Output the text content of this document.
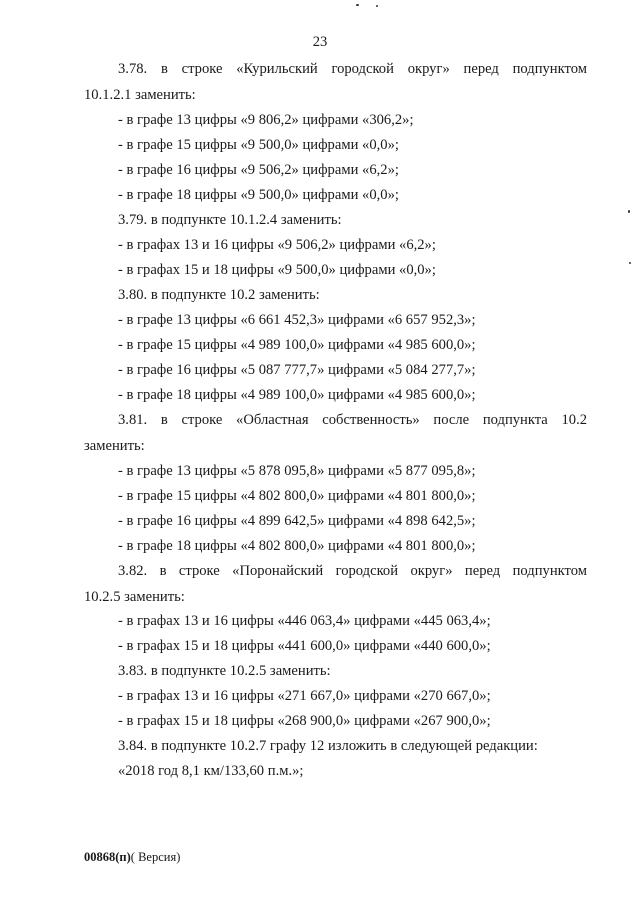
23
3.78. в строке «Курильский городской округ» перед подпунктом
10.1.2.1 заменить:
- в графе 13 цифры «9 806,2» цифрами «306,2»;
- в графе 15 цифры «9 500,0» цифрами «0,0»;
- в графе 16 цифры «9 506,2» цифрами «6,2»;
- в графе 18 цифры «9 500,0» цифрами «0,0»;
3.79. в подпункте 10.1.2.4 заменить:
- в графах 13 и 16 цифры «9 506,2» цифрами «6,2»;
- в графах 15 и 18 цифры «9 500,0» цифрами «0,0»;
3.80. в подпункте 10.2 заменить:
- в графе 13 цифры «6 661 452,3» цифрами «6 657 952,3»;
- в графе 15 цифры «4 989 100,0» цифрами «4 985 600,0»;
- в графе 16 цифры «5 087 777,7» цифрами «5 084 277,7»;
- в графе 18 цифры «4 989 100,0» цифрами «4 985 600,0»;
3.81. в строке «Областная собственность» после подпункта 10.2
заменить:
- в графе 13 цифры «5 878 095,8» цифрами «5 877 095,8»;
- в графе 15 цифры «4 802 800,0» цифрами «4 801 800,0»;
- в графе 16 цифры «4 899 642,5» цифрами «4 898 642,5»;
- в графе 18 цифры «4 802 800,0» цифрами «4 801 800,0»;
3.82. в строке «Поронайский городской округ» перед подпунктом
10.2.5 заменить:
- в графах 13 и 16 цифры «446 063,4» цифрами «445 063,4»;
- в графах 15 и 18 цифры «441 600,0» цифрами «440 600,0»;
3.83. в подпункте 10.2.5 заменить:
- в графах 13 и 16 цифры «271 667,0» цифрами «270 667,0»;
- в графах 15 и 18 цифры «268 900,0» цифрами «267 900,0»;
3.84. в подпункте 10.2.7 графу 12 изложить в следующей редакции:
«2018 год 8,1 км/133,60 п.м.»;
00868(п)( Версия)
